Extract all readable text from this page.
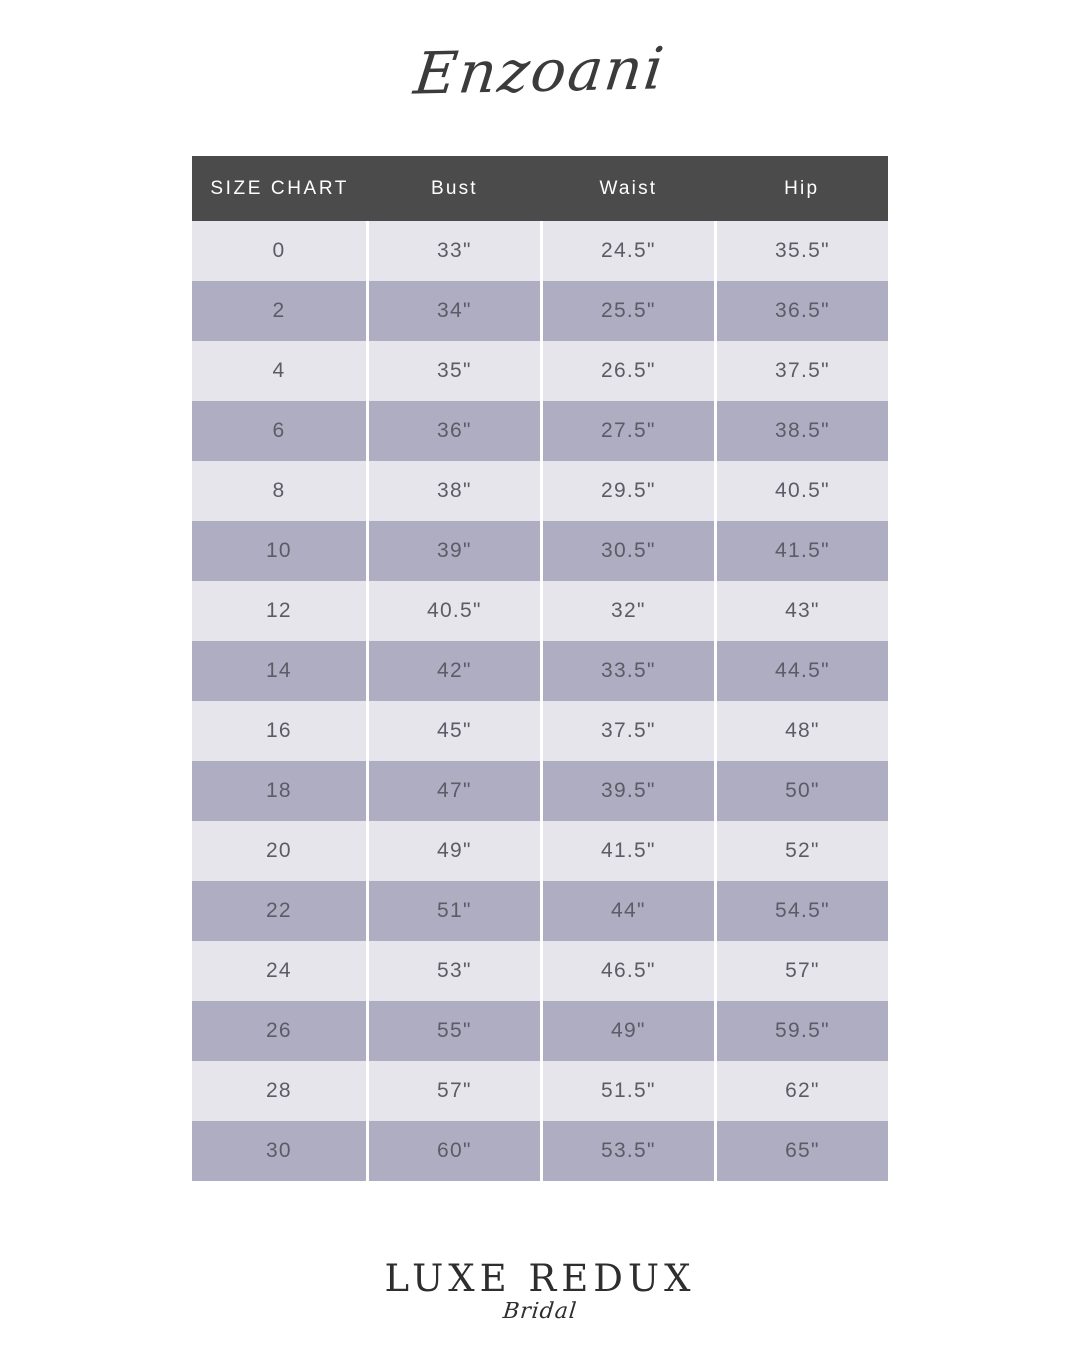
Enzoani
SIZE CHART	Bust	Waist	Hip
0	33"	24.5"	35.5"
2	34"	25.5"	36.5"
4	35"	26.5"	37.5"
6	36"	27.5"	38.5"
8	38"	29.5"	40.5"
10	39"	30.5"	41.5"
12	40.5"	32"	43"
14	42"	33.5"	44.5"
16	45"	37.5"	48"
18	47"	39.5"	50"
20	49"	41.5"	52"
22	51"	44"	54.5"
24	53"	46.5"	57"
26	55"	49"	59.5"
28	57"	51.5"	62"
30	60"	53.5"	65"
LUXE REDUX
Bridal
